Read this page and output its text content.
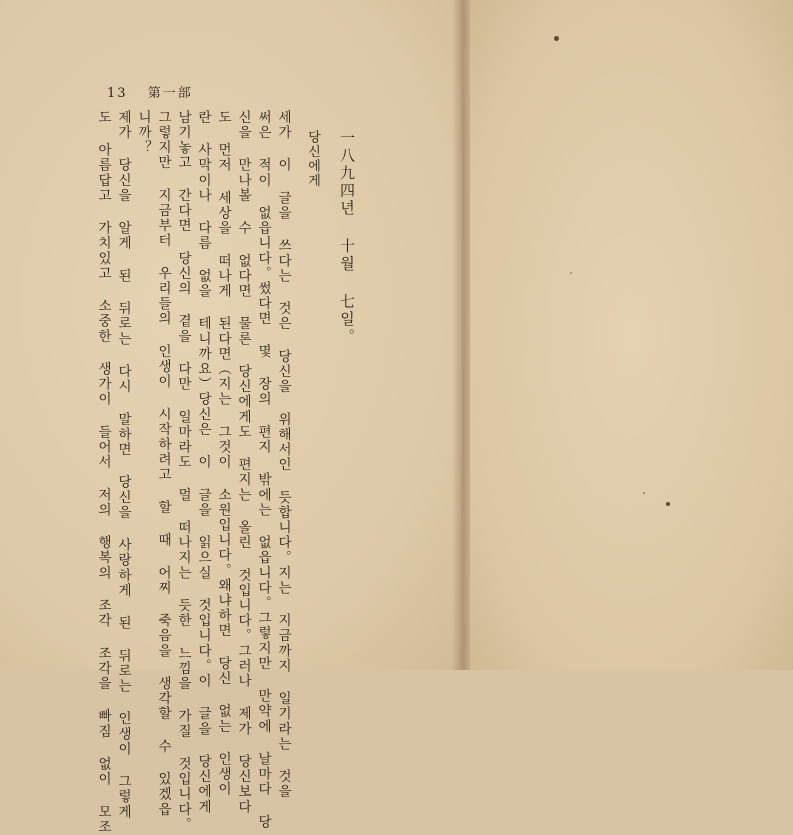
13 第一部
一八九四년 十월 七일。
당신에게
세가 이 글을 쓰다는 것은 당신을 위해서인 듯합니다。지는 지금까지 일기라는 것을
써은 적이 없읍니다。썼다면 몇 장의 편지 밖에는 없읍니다。그렇지만 만약에 날마다 당
신을 만나볼 수 없다면 물론 당신에게도 편지는 올린 것입니다。그러나 제가 당신보다
도 먼저 세상을 떠나게 된다면（지는 그것이 소원입니다。왜냐하면 당신 없는 인생이
란 사막이나 다름 없을 테니까요）당신은 이 글을 읽으실 것입니다。이 글을 당신에게
남기놓고 간다면 당신의 곁을 다만 일마라도 멀 떠나지는 듯한 느낌을 가질 것입니다。
그렇지만 지금부터 우리들의 인생이 시작하려고 할 때 어찌 죽음을 생각할 수 있겠읍
니까？
제가 당신을 알게 된 뒤로는 다시 말하면 당신을 사랑하게 된 뒤로는 인생이 그렇게
도 아름답고 가치있고 소중한 생가이 들어서 저의 행복의 조각 조각을 빠짐 없이 모조
